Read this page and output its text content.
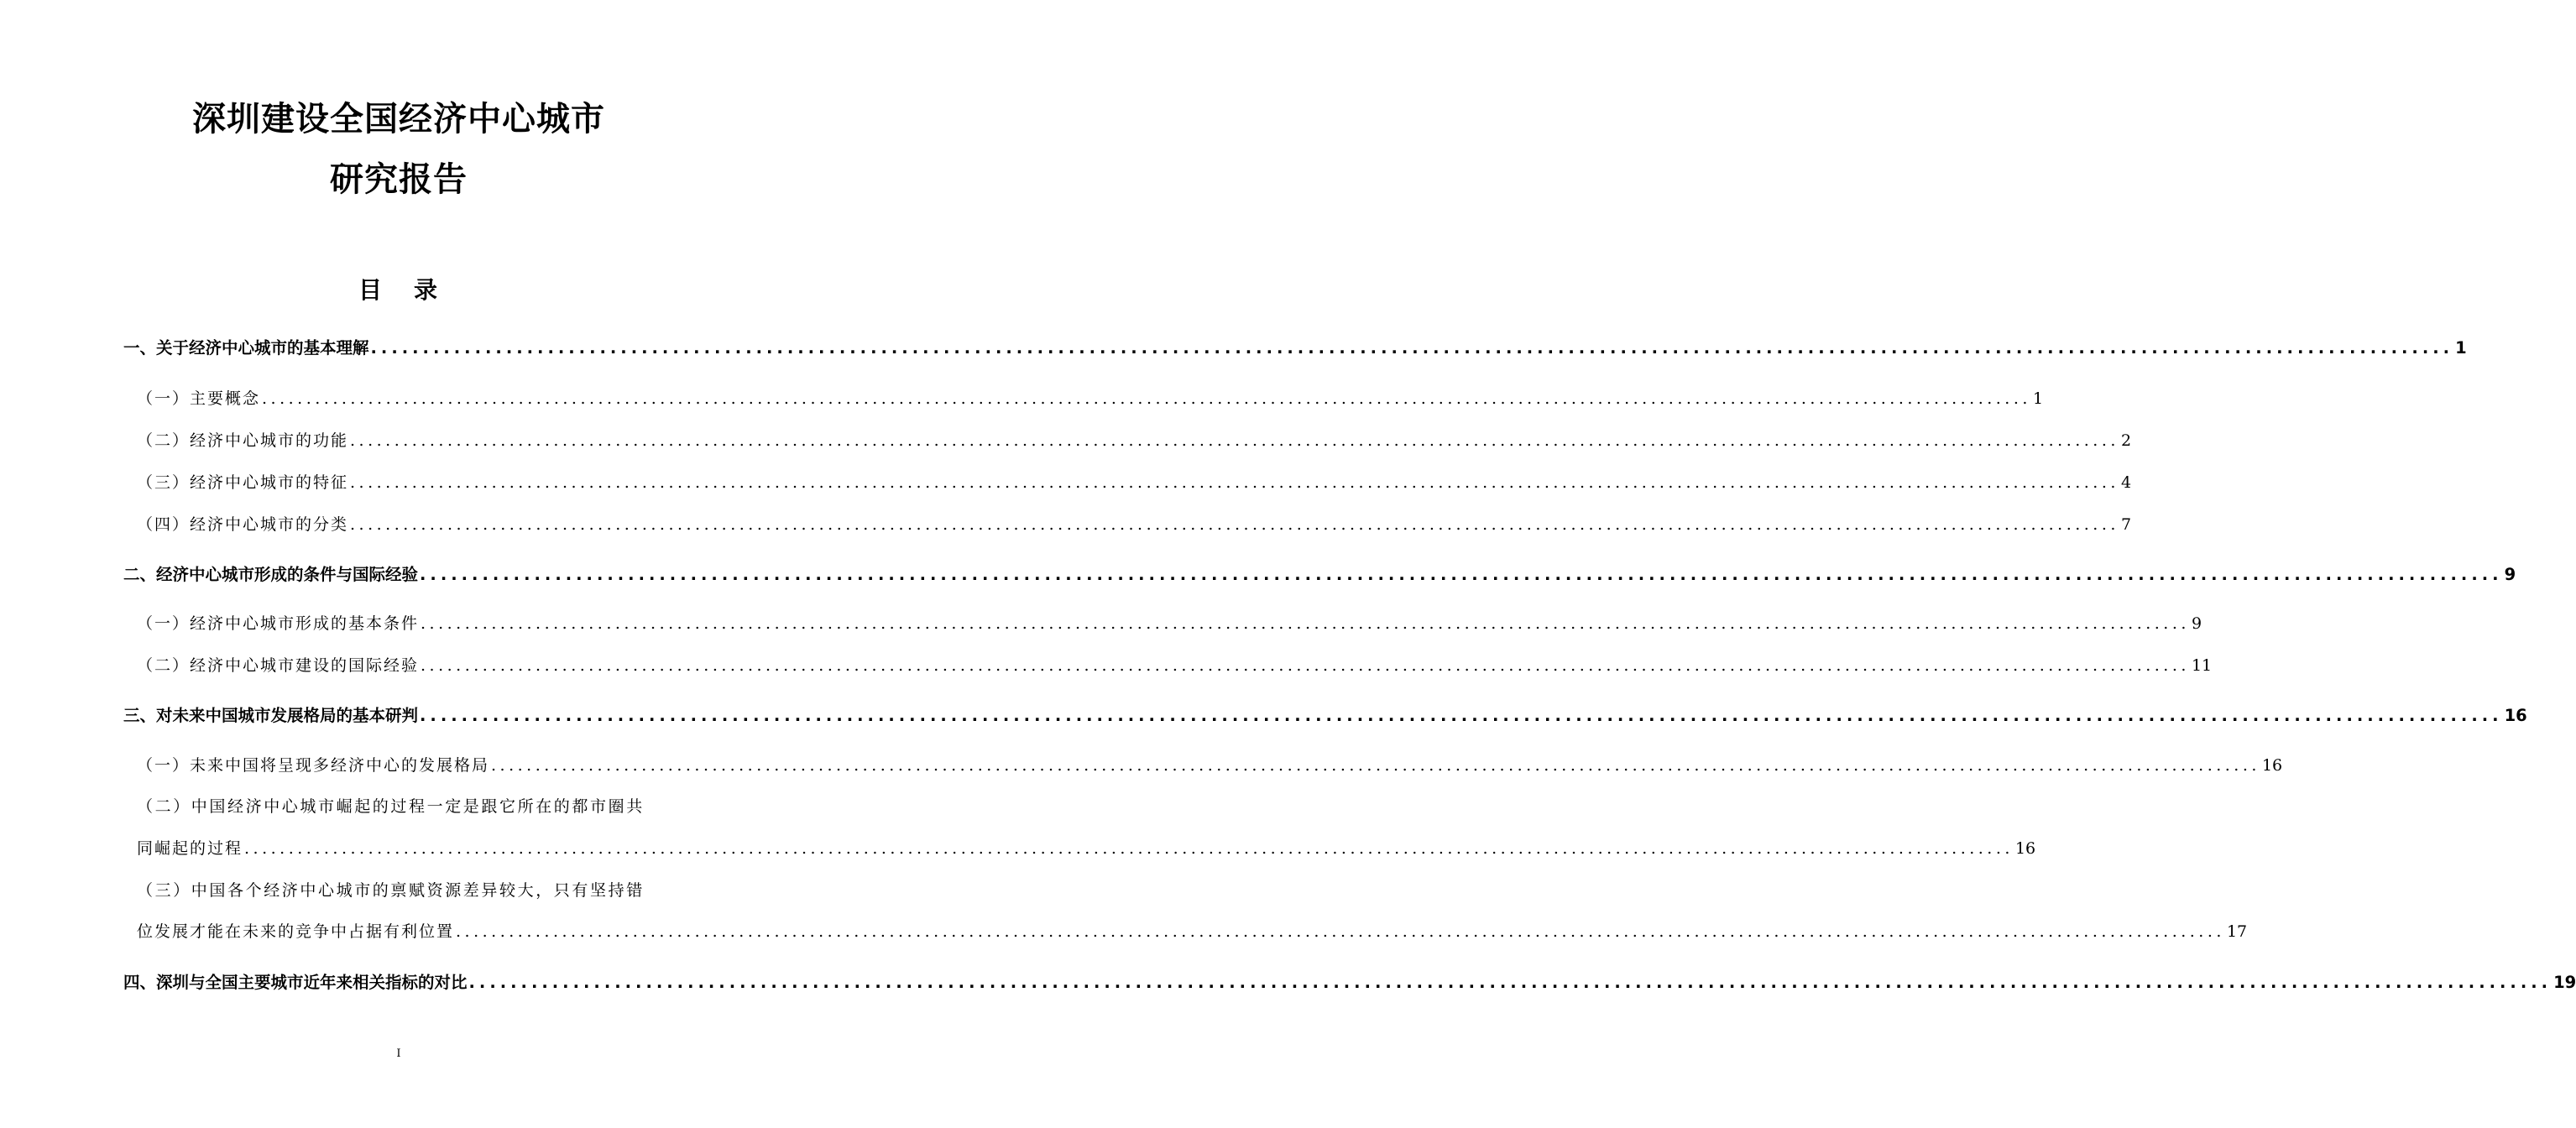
深圳建设全国经济中心城市
研究报告
目 录
一、关于经济中心城市的基本理解 ........................................................................................................................................................................................................ 1
（一）主要概念 ........................................................................................................................................................................................................ 1
（二）经济中心城市的功能 ........................................................................................................................................................................................................ 2
（三）经济中心城市的特征 ........................................................................................................................................................................................................ 4
（四）经济中心城市的分类 ........................................................................................................................................................................................................ 7
二、经济中心城市形成的条件与国际经验 ........................................................................................................................................................................................................ 9
（一）经济中心城市形成的基本条件 ........................................................................................................................................................................................................ 9
（二）经济中心城市建设的国际经验 ........................................................................................................................................................................................................ 11
三、对未来中国城市发展格局的基本研判 ........................................................................................................................................................................................................ 16
（一）未来中国将呈现多经济中心的发展格局 ........................................................................................................................................................................................................ 16
（二）中国经济中心城市崛起的过程一定是跟它所在的都市圈共
同崛起的过程 ........................................................................................................................................................................................................ 16
（三）中国各个经济中心城市的禀赋资源差异较大，只有坚持错
位发展才能在未来的竞争中占据有利位置 ........................................................................................................................................................................................................ 17
四、深圳与全国主要城市近年来相关指标的对比 ........................................................................................................................................................................................................ 19
I
